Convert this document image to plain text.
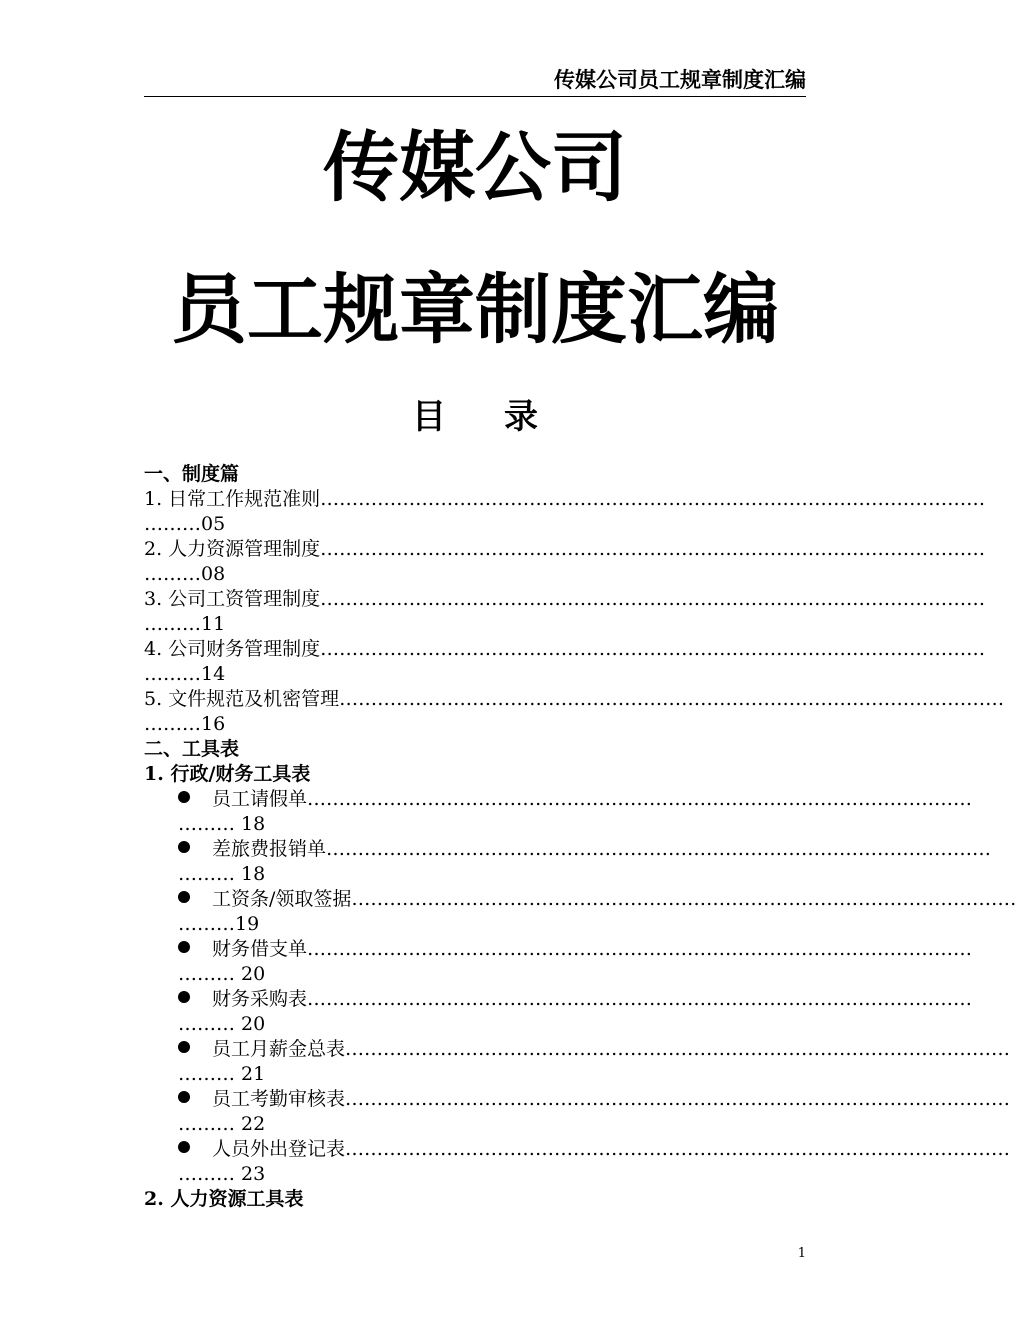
传媒公司员工规章制度汇编
传媒公司
员工规章制度汇编
目 录
一、制度篇
1. 日常工作规范准则……………………………………………………………………………………………
………05
2. 人力资源管理制度……………………………………………………………………………………………
………08
3. 公司工资管理制度……………………………………………………………………………………………
………11
4. 公司财务管理制度……………………………………………………………………………………………
………14
5. 文件规范及机密管理……………………………………………………………………………………………
………16
二、工具表
1. 行政/财务工具表
员工请假单……………………………………………………………………………………………
……… 18
差旅费报销单……………………………………………………………………………………………
……… 18
工资条/领取签据……………………………………………………………………………………………
………19
财务借支单……………………………………………………………………………………………
……… 20
财务采购表……………………………………………………………………………………………
……… 20
员工月薪金总表……………………………………………………………………………………………
……… 21
员工考勤审核表……………………………………………………………………………………………
……… 22
人员外出登记表……………………………………………………………………………………………
……… 23
2. 人力资源工具表
1
